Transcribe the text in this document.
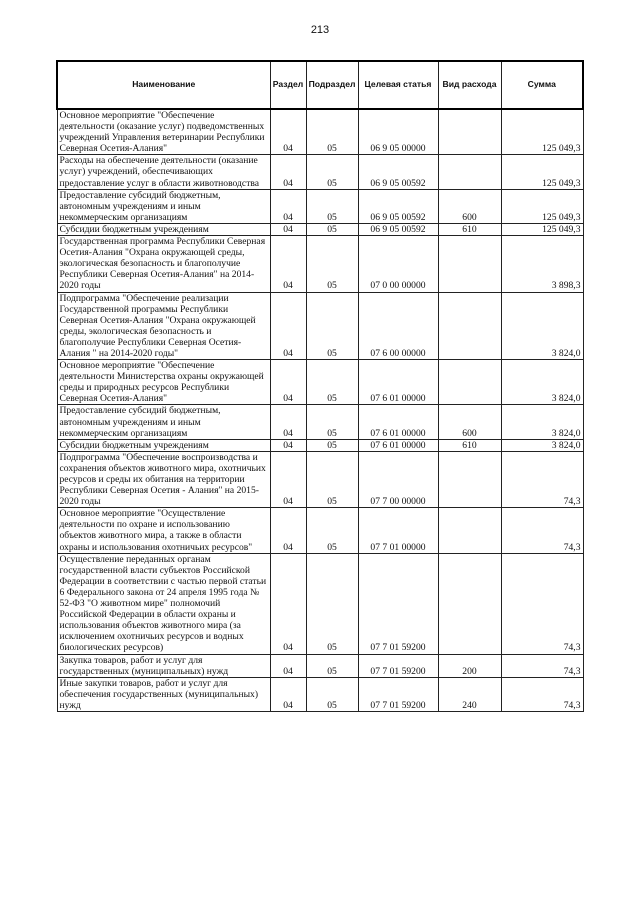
213
Наименование	Раздел	Подраздел	Целевая статья	Вид расхода	Сумма
Основное мероприятие "Обеспечение деятельности (оказание услуг) подведомственных учреждений Управления ветеринарии Республики Северная Осетия-Алания"	04	05	06 9 05 00000		125 049,3
Расходы на обеспечение деятельности (оказание услуг) учреждений, обеспечивающих предоставление услуг в области животноводства	04	05	06 9 05 00592		125 049,3
Предоставление субсидий бюджетным, автономным учреждениям и иным некоммерческим организациям	04	05	06 9 05 00592	600	125 049,3
Субсидии бюджетным учреждениям	04	05	06 9 05 00592	610	125 049,3
Государственная программа Республики Северная Осетия-Алания "Охрана окружающей среды, экологическая безопасность и благополучие Республики Северная Осетия-Алания" на 2014-2020 годы	04	05	07 0 00 00000		3 898,3
Подпрограмма "Обеспечение реализации Государственной программы Республики Северная Осетия-Алания "Охрана окружающей среды, экологическая безопасность и благополучие Республики Северная Осетия-Алания " на 2014-2020 годы"	04	05	07 6 00 00000		3 824,0
Основное мероприятие "Обеспечение деятельности Министерства охраны окружающей среды и природных ресурсов Республики Северная Осетия-Алания"	04	05	07 6 01 00000		3 824,0
Предоставление субсидий бюджетным, автономным учреждениям и иным некоммерческим организациям	04	05	07 6 01 00000	600	3 824,0
Субсидии бюджетным учреждениям	04	05	07 6 01 00000	610	3 824,0
Подпрограмма "Обеспечение воспроизводства и сохранения объектов животного мира, охотничьих ресурсов и среды их обитания на территории Республики Северная Осетия - Алания" на 2015-2020 годы	04	05	07 7 00 00000		74,3
Основное мероприятие "Осуществление деятельности по охране и использованию объектов животного мира, а также в области охраны и использования охотничьих ресурсов"	04	05	07 7 01 00000		74,3
Осуществление переданных органам государственной власти субъектов Российской Федерации в соответствии с частью первой статьи 6 Федерального закона от 24 апреля 1995 года № 52-ФЗ "О животном мире" полномочий Российской Федерации в области охраны и использования объектов животного мира (за исключением охотничьих ресурсов и водных биологических ресурсов)	04	05	07 7 01 59200		74,3
Закупка товаров, работ и услуг для государственных (муниципальных) нужд	04	05	07 7 01 59200	200	74,3
Иные закупки товаров, работ и услуг для обеспечения государственных (муниципальных) нужд	04	05	07 7 01 59200	240	74,3
